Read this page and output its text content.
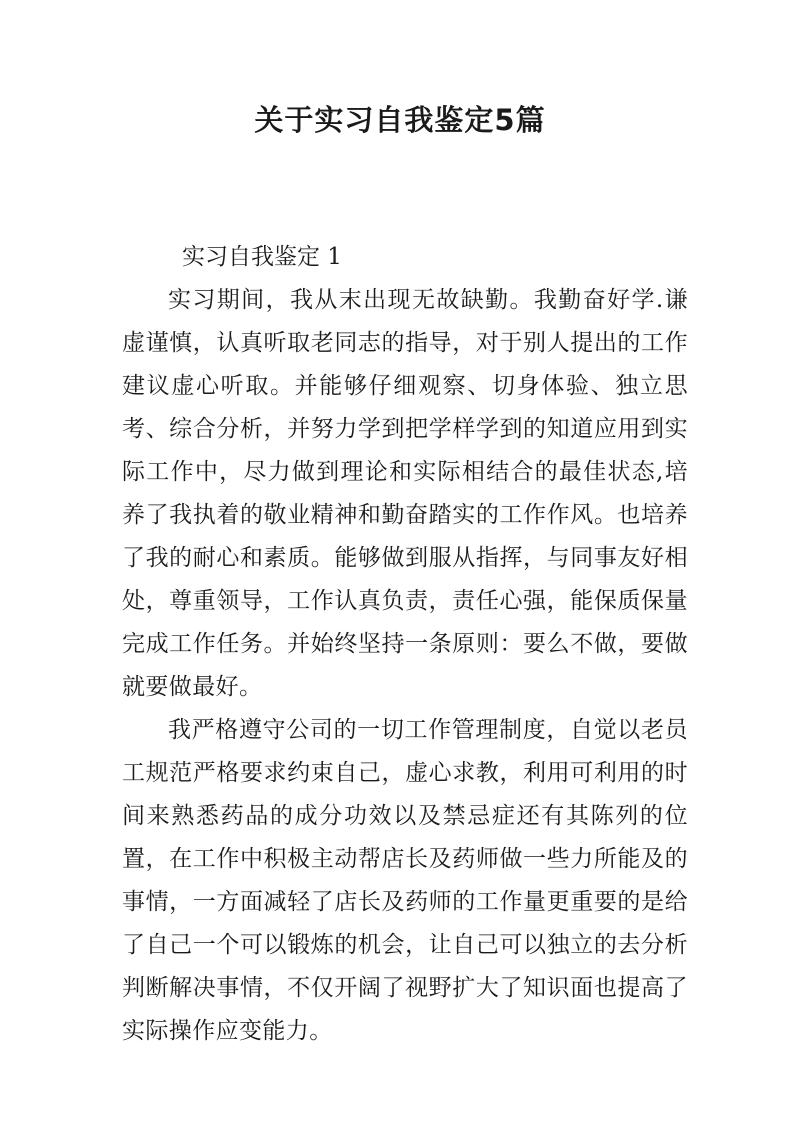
关于实习自我鉴定5篇

实习自我鉴定 1

实习期间，我从末出现无故缺勤。我勤奋好学.谦虚谨慎，认真听取老同志的指导，对于别人提出的工作建议虚心听取。并能够仔细观察、切身体验、独立思考、综合分析，并努力学到把学样学到的知道应用到实际工作中，尽力做到理论和实际相结合的最佳状态,培养了我执着的敬业精神和勤奋踏实的工作作风。也培养了我的耐心和素质。能够做到服从指挥，与同事友好相处，尊重领导，工作认真负责，责任心强，能保质保量完成工作任务。并始终坚持一条原则：要么不做，要做就要做最好。

我严格遵守公司的一切工作管理制度，自觉以老员工规范严格要求约束自己，虚心求教，利用可利用的时间来熟悉药品的成分功效以及禁忌症还有其陈列的位置，在工作中积极主动帮店长及药师做一些力所能及的事情，一方面减轻了店长及药师的工作量更重要的是给了自己一个可以锻炼的机会，让自己可以独立的去分析判断解决事情，不仅开阔了视野扩大了知识面也提高了实际操作应变能力。
